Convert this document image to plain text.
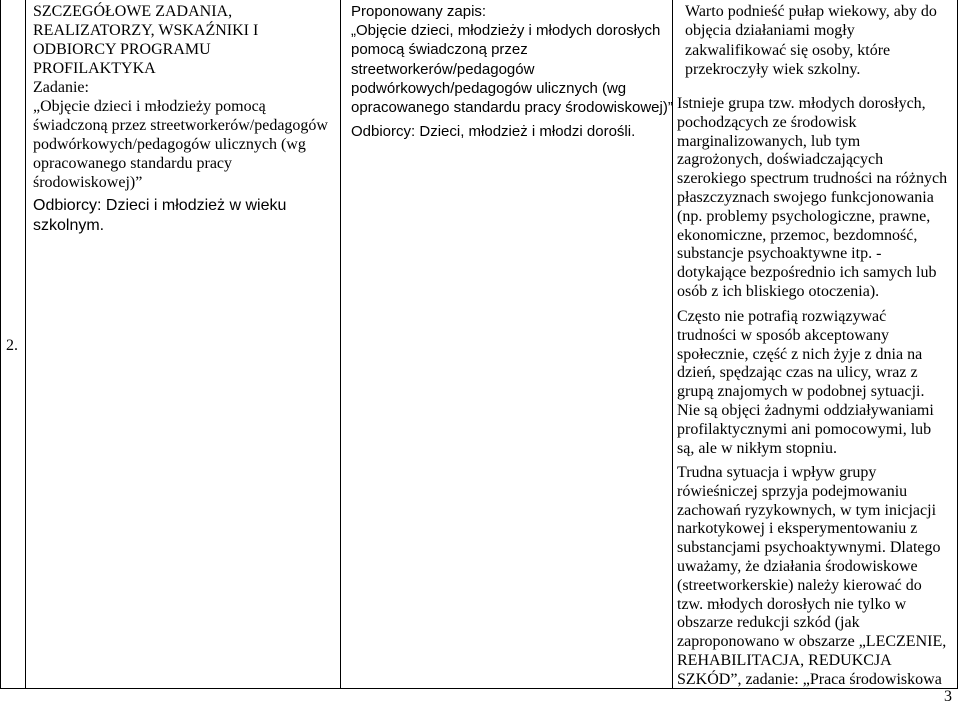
2.
SZCZEGÓŁOWE ZADANIA,
REALIZATORZY, WSKAŹNIKI I
ODBIORCY PROGRAMU
PROFILAKTYKA
Zadanie:
„Objęcie dzieci i młodzieży pomocą
świadczoną przez streetworkerów/pedagogów
podwórkowych/pedagogów ulicznych (wg
opracowanego standardu pracy
środowiskowej)”
Odbiorcy: Dzieci i młodzież w wieku
szkolnym.
Proponowany zapis:
„Objęcie dzieci, młodzieży i młodych dorosłych
pomocą świadczoną przez
streetworkerów/pedagogów
podwórkowych/pedagogów ulicznych (wg
opracowanego standardu pracy środowiskowej)”
Odbiorcy: Dzieci, młodzież i młodzi dorośli.
Warto podnieść pułap wiekowy, aby do
objęcia działaniami mogły
zakwalifikować się osoby, które
przekroczyły wiek szkolny.
Istnieje grupa tzw. młodych dorosłych,
pochodzących ze środowisk
marginalizowanych, lub tym
zagrożonych, doświadczających
szerokiego spectrum trudności na różnych
płaszczyznach swojego funkcjonowania
(np. problemy psychologiczne, prawne,
ekonomiczne, przemoc, bezdomność,
substancje psychoaktywne itp. -
dotykające bezpośrednio ich samych lub
osób z ich bliskiego otoczenia).
Często nie potrafią rozwiązywać
trudności w sposób akceptowany
społecznie, część z nich żyje z dnia na
dzień, spędzając czas na ulicy, wraz z
grupą znajomych w podobnej sytuacji.
Nie są objęci żadnymi oddziaływaniami
profilaktycznymi ani pomocowymi, lub
są, ale w nikłym stopniu.
Trudna sytuacja i wpływ grupy
rówieśniczej sprzyja podejmowaniu
zachowań ryzykownych, w tym inicjacji
narkotykowej i eksperymentowaniu z
substancjami psychoaktywnymi. Dlatego
uważamy, że działania środowiskowe
(streetworkerskie) należy kierować do
tzw. młodych dorosłych nie tylko w
obszarze redukcji szkód (jak
zaproponowano w obszarze „LECZENIE,
REHABILITACJA, REDUKCJA
SZKÓD”, zadanie: „Praca środowiskowa
3
